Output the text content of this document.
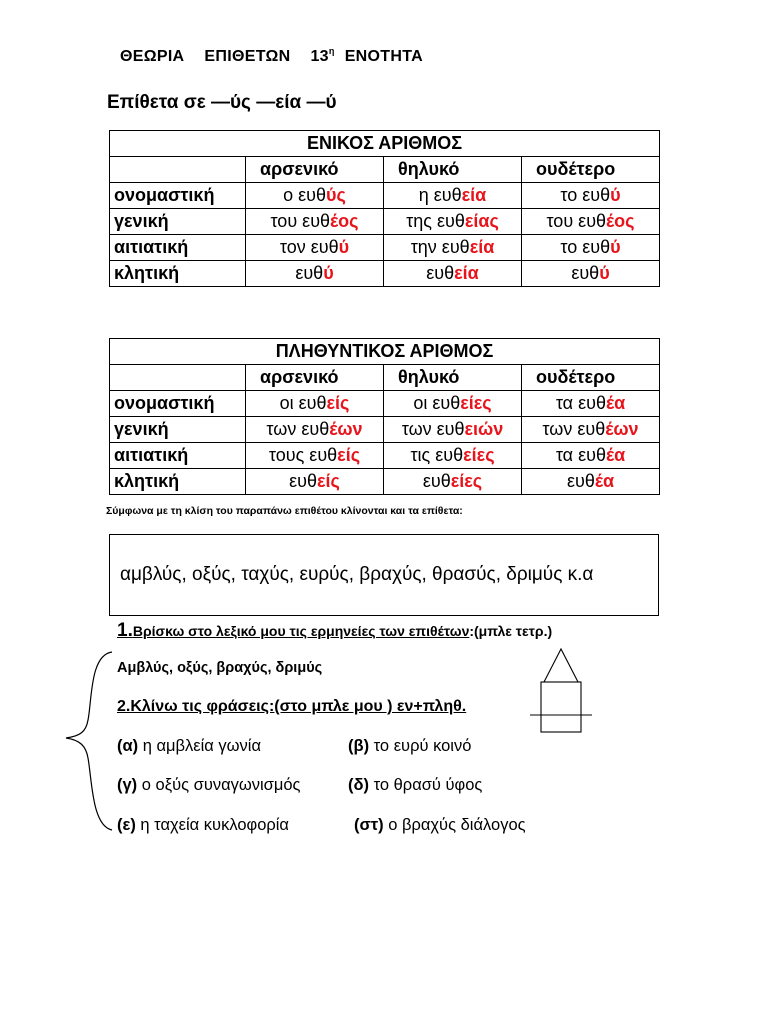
ΘΕΩΡΙΑ ΕΠΙΘΕΤΩΝ $13^\eta$ ΕΝΟΤΗΤΑ
Επίθετα σε —ύς —εία —ύ
ΕΝΙΚΟΣ ΑΡΙΘΜΟΣ			
	αρσενικό	θηλυκό	ουδέτερο
ονομαστική	ο ευθύς	η ευθεία	το ευθύ
γενική	του ευθέος	της ευθείας	του ευθέος
αιτιατική	τον ευθύ	την ευθεία	το ευθύ
κλητική	ευθύ	ευθεία	ευθύ
ΠΛΗΘΥΝΤΙΚΟΣ ΑΡΙΘΜΟΣ			
	αρσενικό	θηλυκό	ουδέτερο
ονομαστική	οι ευθείς	οι ευθείες	τα ευθέα
γενική	των ευθέων	των ευθειών	των ευθέων
αιτιατική	τους ευθείς	τις ευθείες	τα ευθέα
κλητική	ευθείς	ευθείες	ευθέα
Σύμφωνα με τη κλίση του παραπάνω επιθέτου κλίνονται και τα επίθετα:
αμβλύς, οξύς, ταχύς, ευρύς, βραχύς, θρασύς, δριμύς κ.α
1.Βρίσκω στο λεξικό μου τις ερμηνείες των επιθέτων:(μπλε τετρ.)
Αμβλύς, οξύς, βραχύς, δριμύς
2.Κλίνω τις φράσεις:(στο μπλε μου ) εν+πληθ.
(α) η αμβλεία γωνία	(β) το ευρύ κοινό
(γ) ο οξύς συναγωνισμός	(δ) το θρασύ ύφος
(ε) η ταχεία κυκλοφορία	(στ) ο βραχύς διάλογος
